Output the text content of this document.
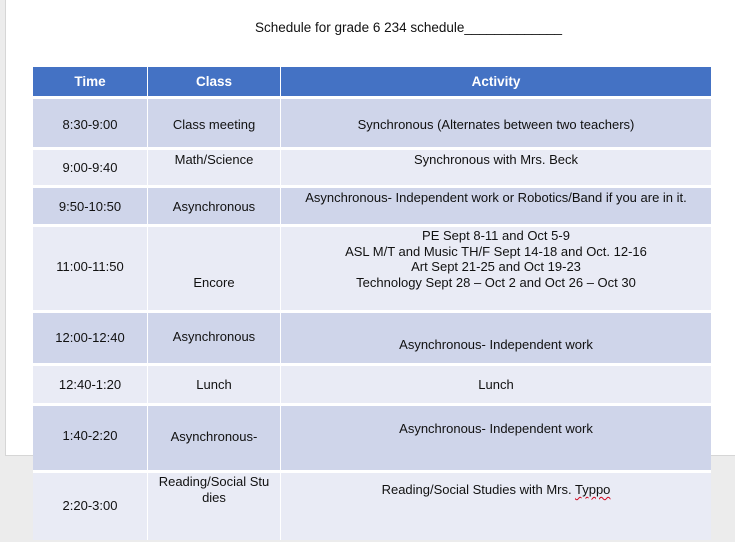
Schedule for grade 6 234 schedule_____________
Time	Class	Activity

8:30-9:00	Class meeting	Synchronous (Alternates between two teachers)

9:00-9:40	Math/Science	Synchronous with Mrs. Beck

9:50-10:50	Asynchronous	Asynchronous- Independent work or Robotics/Band if you are in it.

11:00-11:50	Encore	PE Sept 8-11 and Oct 5-9
ASL M/T and Music TH/F Sept 14-18 and Oct. 12-16
Art Sept 21-25 and Oct 19-23
Technology Sept 28 – Oct 2 and Oct 26 – Oct 30

12:00-12:40	Asynchronous	Asynchronous- Independent work

12:40-1:20	Lunch	Lunch

1:40-2:20	Asynchronous-	Asynchronous- Independent work

2:20-3:00	Reading/Social Stu
dies	Reading/Social Studies with Mrs. Typpo
